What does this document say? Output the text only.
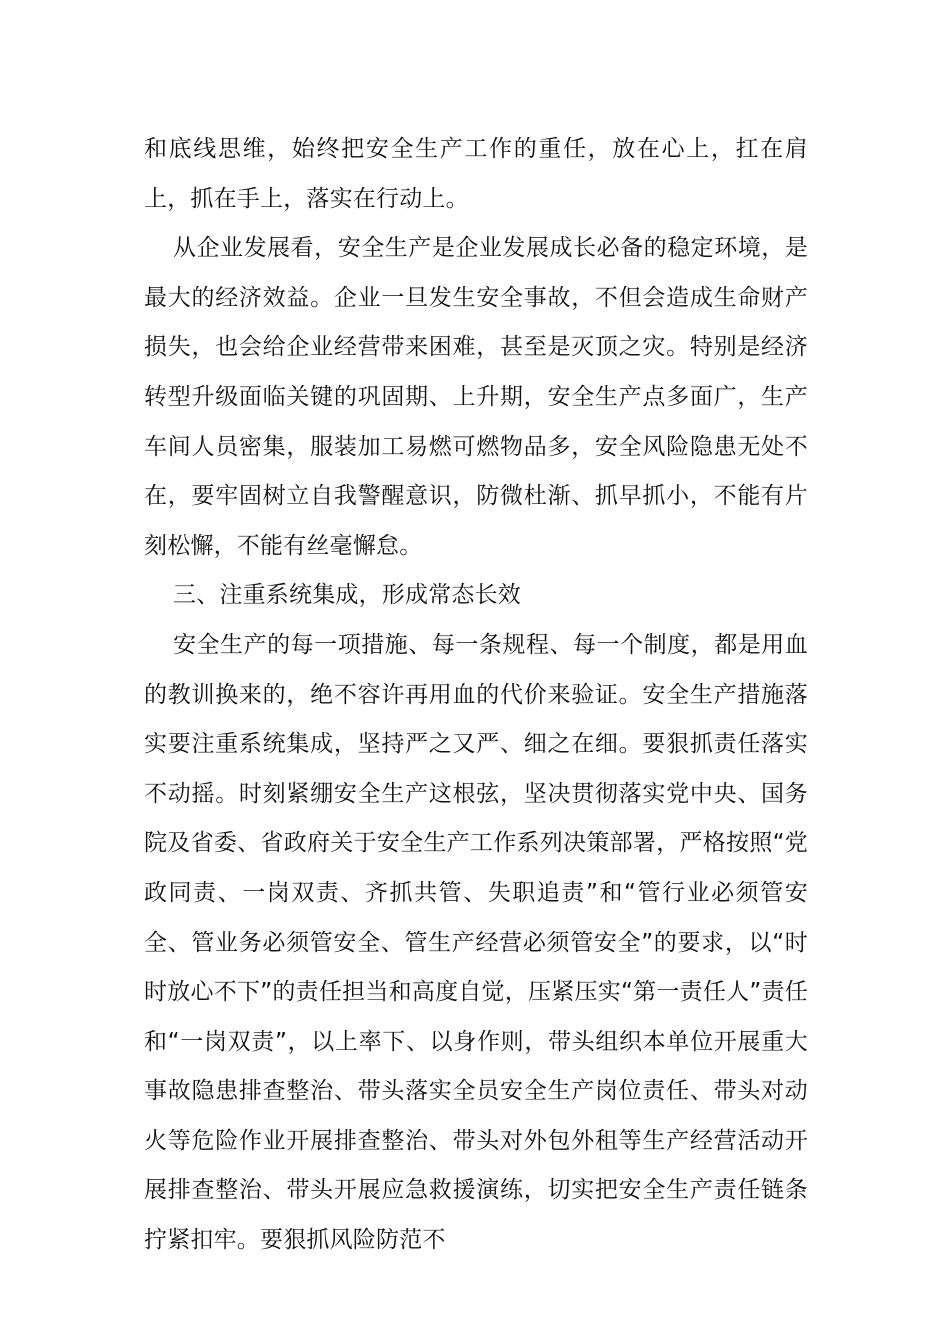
和底线思维，始终把安全生产工作的重任，放在心上，扛在肩上，抓在手上，落实在行动上。

从企业发展看，安全生产是企业发展成长必备的稳定环境，是最大的经济效益。企业一旦发生安全事故，不但会造成生命财产损失，也会给企业经营带来困难，甚至是灭顶之灾。特别是经济转型升级面临关键的巩固期、上升期，安全生产点多面广，生产车间人员密集，服装加工易燃可燃物品多，安全风险隐患无处不在，要牢固树立自我警醒意识，防微杜渐、抓早抓小，不能有片刻松懈，不能有丝毫懈怠。

三、注重系统集成，形成常态长效

安全生产的每一项措施、每一条规程、每一个制度，都是用血的教训换来的，绝不容许再用血的代价来验证。安全生产措施落实要注重系统集成，坚持严之又严、细之在细。要狠抓责任落实不动摇。时刻紧绷安全生产这根弦，坚决贯彻落实党中央、国务院及省委、省政府关于安全生产工作系列决策部署，严格按照“党政同责、一岗双责、齐抓共管、失职追责”和“管行业必须管安全、管业务必须管安全、管生产经营必须管安全”的要求，以“时时放心不下”的责任担当和高度自觉，压紧压实“第一责任人”责任和“一岗双责”，以上率下、以身作则，带头组织本单位开展重大事故隐患排查整治、带头落实全员安全生产岗位责任、带头对动火等危险作业开展排查整治、带头对外包外租等生产经营活动开展排查整治、带头开展应急救援演练，切实把安全生产责任链条拧紧扣牢。要狠抓风险防范不
